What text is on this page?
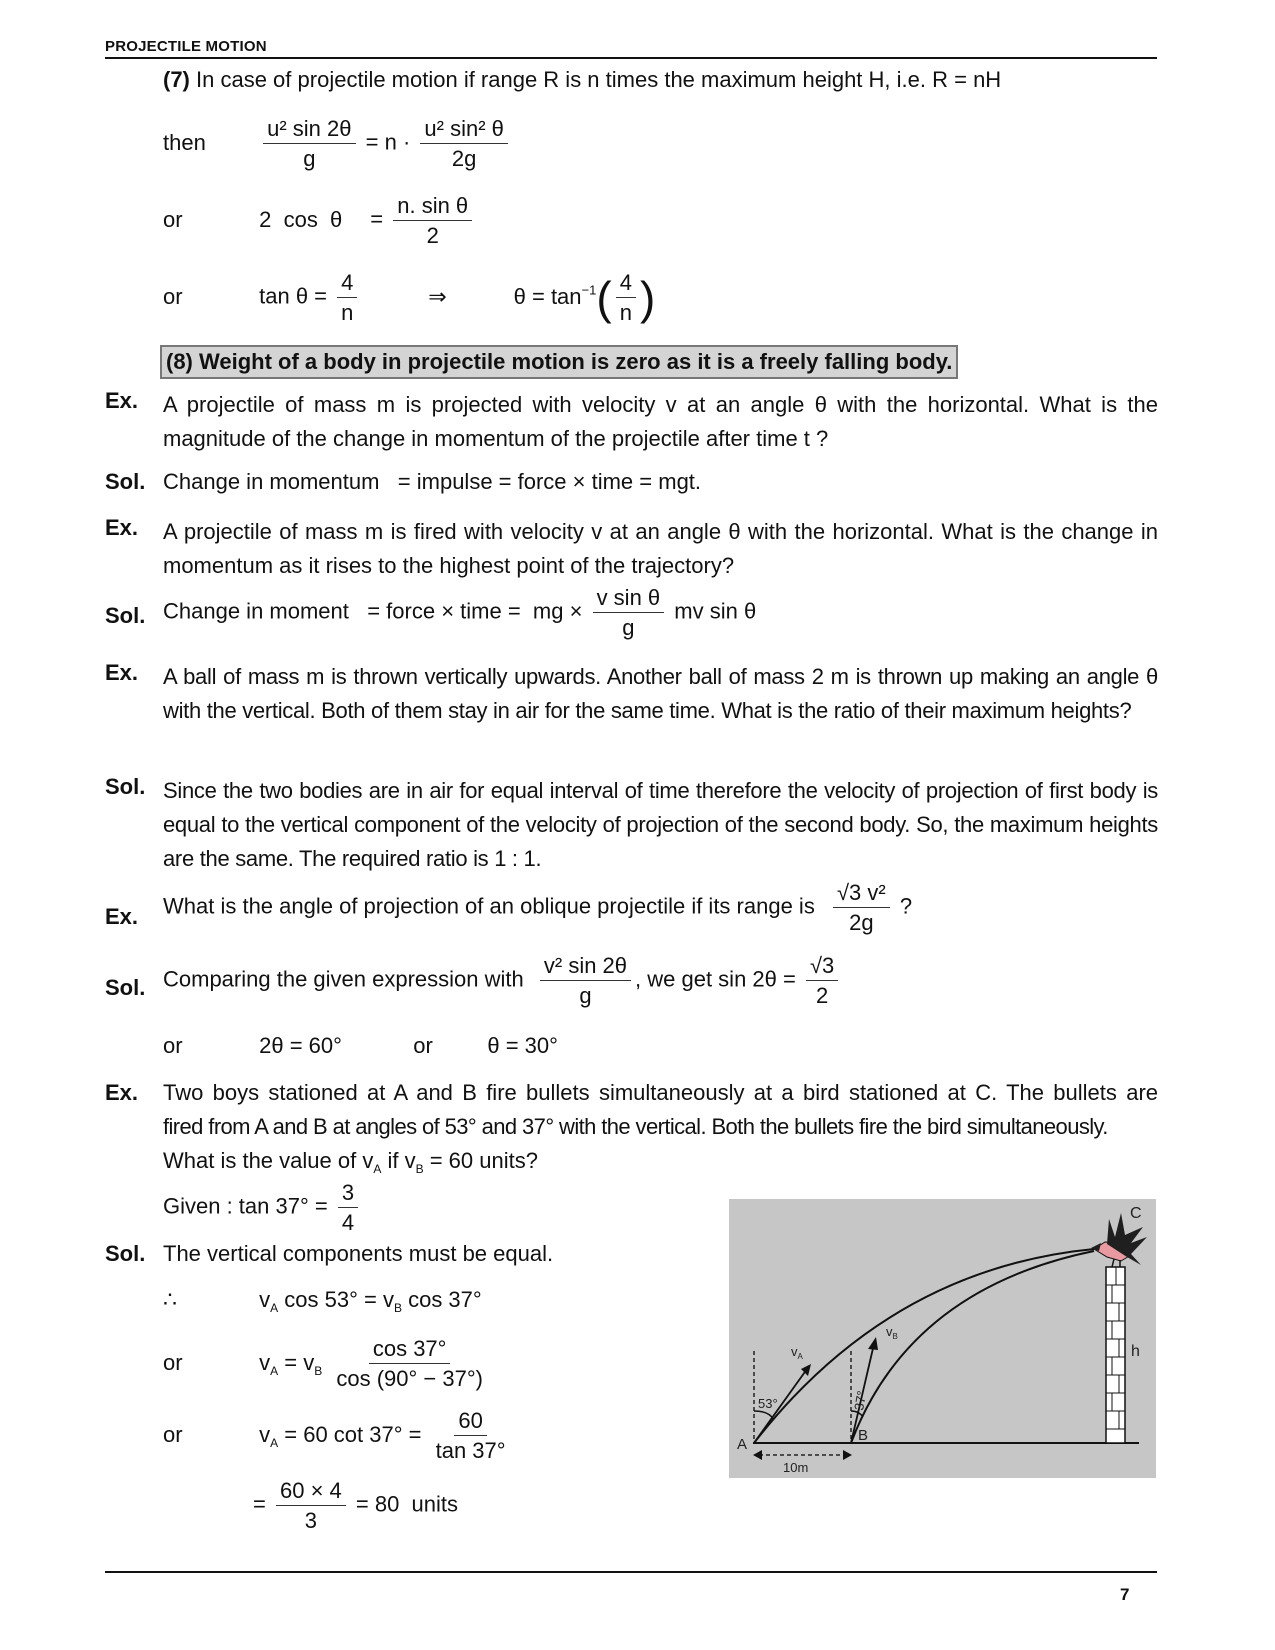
PROJECTILE MOTION
(7) In case of projectile motion if range R is n times the maximum height H, i.e. R = nH
then	$\frac{\text{u² sin 2θ}}{g} = n \cdot \frac{\text{u² sin² θ}}{2g}$
or	2  $\cos \theta = \frac{\text{n. sin θ}}{2}$
or	$\tan \theta = \frac{4}{n}$	⇒	$\theta = \tan^{-1}( \frac{4}{n}$ )
(8) Weight of a body in projectile motion is zero as it is a freely falling body.
Ex. A projectile of mass m is projected with velocity v at an angle θ with the horizontal. What is the magnitude of the change in momentum of the projectile after time t ?
Sol. Change in momentum   = impulse = force × time = mgt.
Ex. A projectile of mass m is fired with velocity v at an angle θ with the horizontal. What is the change in momentum as it rises to the highest point of the trajectory?
Sol. Change in moment   = force × time =  mg × $\frac{\text{v sin θ}}{g}$ mv sin θ
Ex. A ball of mass m is thrown vertically upwards. Another ball of mass 2 m is thrown up making an angle θ with the vertical. Both of them stay in air for the same time. What is the ratio of their maximum heights?
Sol. Since the two bodies are in air for equal interval of time therefore the velocity of projection of first body is equal to the vertical component of the velocity of projection of the second body. So, the maximum heights are the same. The required ratio is 1 : 1.
Ex. What is the angle of projection of an oblique projectile if its range is $\frac{\text{√3 v²}}{2g}$ ?
Sol. Comparing the given expression with $\frac{\text{v² sin 2θ}}{g}$ , we get $\sin 2\theta = \frac{√3}{2}$
or	2θ = 60°	or θ = 30°
Ex. Two boys stationed at A and B fire bullets simultaneously at a bird stationed at C. The bullets are
fired from A and B at angles of 53° and 37° with the vertical. Both the bullets fire the bird simultaneously.
What is the value of $v_A$ if $v_B = 60$ units?
Given : $\tan 37^\circ = \frac{3}{4}$
Sol. The vertical components must be equal.
∴	$v_A$ $\cos 53^\circ = v_B$ cos 37°
or	$v_A = v_B \frac{\cos 37^\circ}{\cos (90^\circ - 37^\circ)}$
or	$v_A = 60$ $\cot 37^\circ = \frac{60}{\tan 37^\circ}$
= $\frac{60 \times 4}{3} = 80$  units
A
B
C
h
53°	37°
$v_A$
$v_B$
10m
7
